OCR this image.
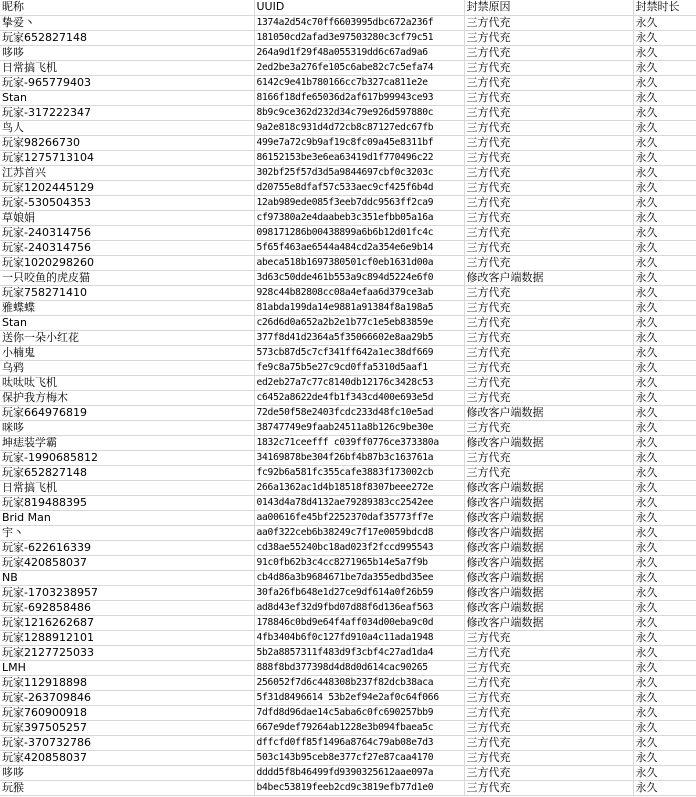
昵称	UUID	封禁原因	封禁时长
挚爱丶	1374a2d54c70ff6603995dbc672a236f	三方代充	永久
玩家652827148	181050cd2afad3e97503280c3cf79c51	三方代充	永久
哆哆	264a9d1f29f48a055319dd6c67ad9a6	三方代充	永久
日常搞飞机	2ed2be3a276fe105c6abe82c7c5efa74	三方代充	永久
玩家-965779403	6142c9e41b780166cc7b327ca811e2e	三方代充	永久
Stan	8166f18dfe65036d2af617b99943ce93	三方代充	永久
玩家-317222347	8b9c9ce362d232d34c79e926d597880c	三方代充	永久
鸟人	9a2e818c931d4d72cb8c87127edc67fb	三方代充	永久
玩家98266730	499e7a72c9b9af19c8fc09a45e8311bf	三方代充	永久
玩家1275713104	86152153be3e6ea63419d1f770496c22	三方代充	永久
江苏首兴	302bf25f57d3d5a9844697cbf0c3203c	三方代充	永久
玩家1202445129	d20755e8dfaf57c533aec9cf425f6b4d	三方代充	永久
玩家-530504353	12ab989ede085f3eeb7ddc9563ff2ca9	三方代充	永久
草娘娟	cf97380a2e4daabeb3c351efbb05a16a	三方代充	永久
玩家-240314756	098171286b00438899a6b6b12d01fc4c	三方代充	永久
玩家-240314756	5f65f463ae6544a484cd2a354e6e9b14	三方代充	永久
玩家1020298260	abeca518b1697380501cf0eb1631d00a	三方代充	永久
一只咬鱼的虎皮猫	3d63c50dde461b553a9c894d5224e6f0	修改客户端数据	永久
玩家758271410	928c44b82808cc08a4efaa6d379ce3ab	三方代充	永久
雅蝶蝶	81abda199da14e9881a91384f8a198a5	三方代充	永久
Stan	c26d6d0a652a2b2e1b77c1e5eb83859e	三方代充	永久
送你一朵小红花	377f8d41d2364a5f35066602e8aa29b5	三方代充	永久
小楠鬼	573cb87d5c7cf341ff642a1ec38df669	三方代充	永久
乌鸦	fe9c8a75b5e27c9cd0ffa5310d5aaf1	三方代充	永久
呔呔呔飞机	ed2eb27a7c77c8140db12176c3428c53	三方代充	永久
保护我方梅木	c6452a8622de4fb1f343cd400e693e5d	三方代充	永久
玩家664976819	72de50f58e2403fcdc233d48fc10e5ad	修改客户端数据	永久
咪哆	38747749e9faab24511a8b126c9be30e	三方代充	永久
坤痣装学霸	1832c71ceefff c039ff0776ce373380a	修改客户端数据	永久
玩家-1990685812	34169878be304f26bf4b87b3c163761a	三方代充	永久
玩家652827148	fc92b6a581fc355cafe3883f173002cb	三方代充	永久
日常搞飞机	266a1362ac1d4b18518f8307beee272e	修改客户端数据	永久
玩家819488395	0143d4a78d4132ae79289383cc2542ee	修改客户端数据	永久
Brid Man	aa00616fe45bf2252370daf35773ff7e	修改客户端数据	永久
宇丶	aa0f322ceb6b38249c7f17e0059bdcd8	修改客户端数据	永久
玩家-622616339	cd38ae55240bc18ad023f2fccd995543	修改客户端数据	永久
玩家420858037	91c0fb62b3c4cc8271965b14e5a7f9b	修改客户端数据	永久
NB	cb4d86a3b9684671be7da355edbd35ee	修改客户端数据	永久
玩家-1703238957	30fa26fb648e1d27ce9df614a0f26b59	修改客户端数据	永久
玩家-692858486	ad8d43ef32d9fbd07d88f6d136eaf563	修改客户端数据	永久
玩家1216262687	178846c0bd9e64f4aff034d00eba9c0d	修改客户端数据	永久
玩家1288912101	4fb3404b6f0c127fd910a4c11ada1948	三方代充	永久
玩家2127725033	5b2a8857311f483d9f3cbf4c27ad1da4	三方代充	永久
LMH	888f8bd377398d4d8d0d614cac90265	三方代充	永久
玩家112918898	256052f7d6c448308b237f82dcb38aca	三方代充	永久
玩家-263709846	5f31d8496614 53b2ef94e2af0c64f066	三方代充	永久
玩家760900918	7dfd8d96dae14c5aba6c0fc690257bb9	三方代充	永久
玩家397505257	667e9def79264ab1228e3b094fbaea5c	三方代充	永久
玩家-370732786	dffcfd0ff85f1496a8764c79ab08e7d3	三方代充	永久
玩家420858037	503c143b95ceb8e377cf27e87caa4170	三方代充	永久
哆哆	dddd5f8b46499fd9390325612aae097a	三方代充	永久
玩猴	b4bec53819feeb2cd9c3819efb77d1e0	三方代充	永久
